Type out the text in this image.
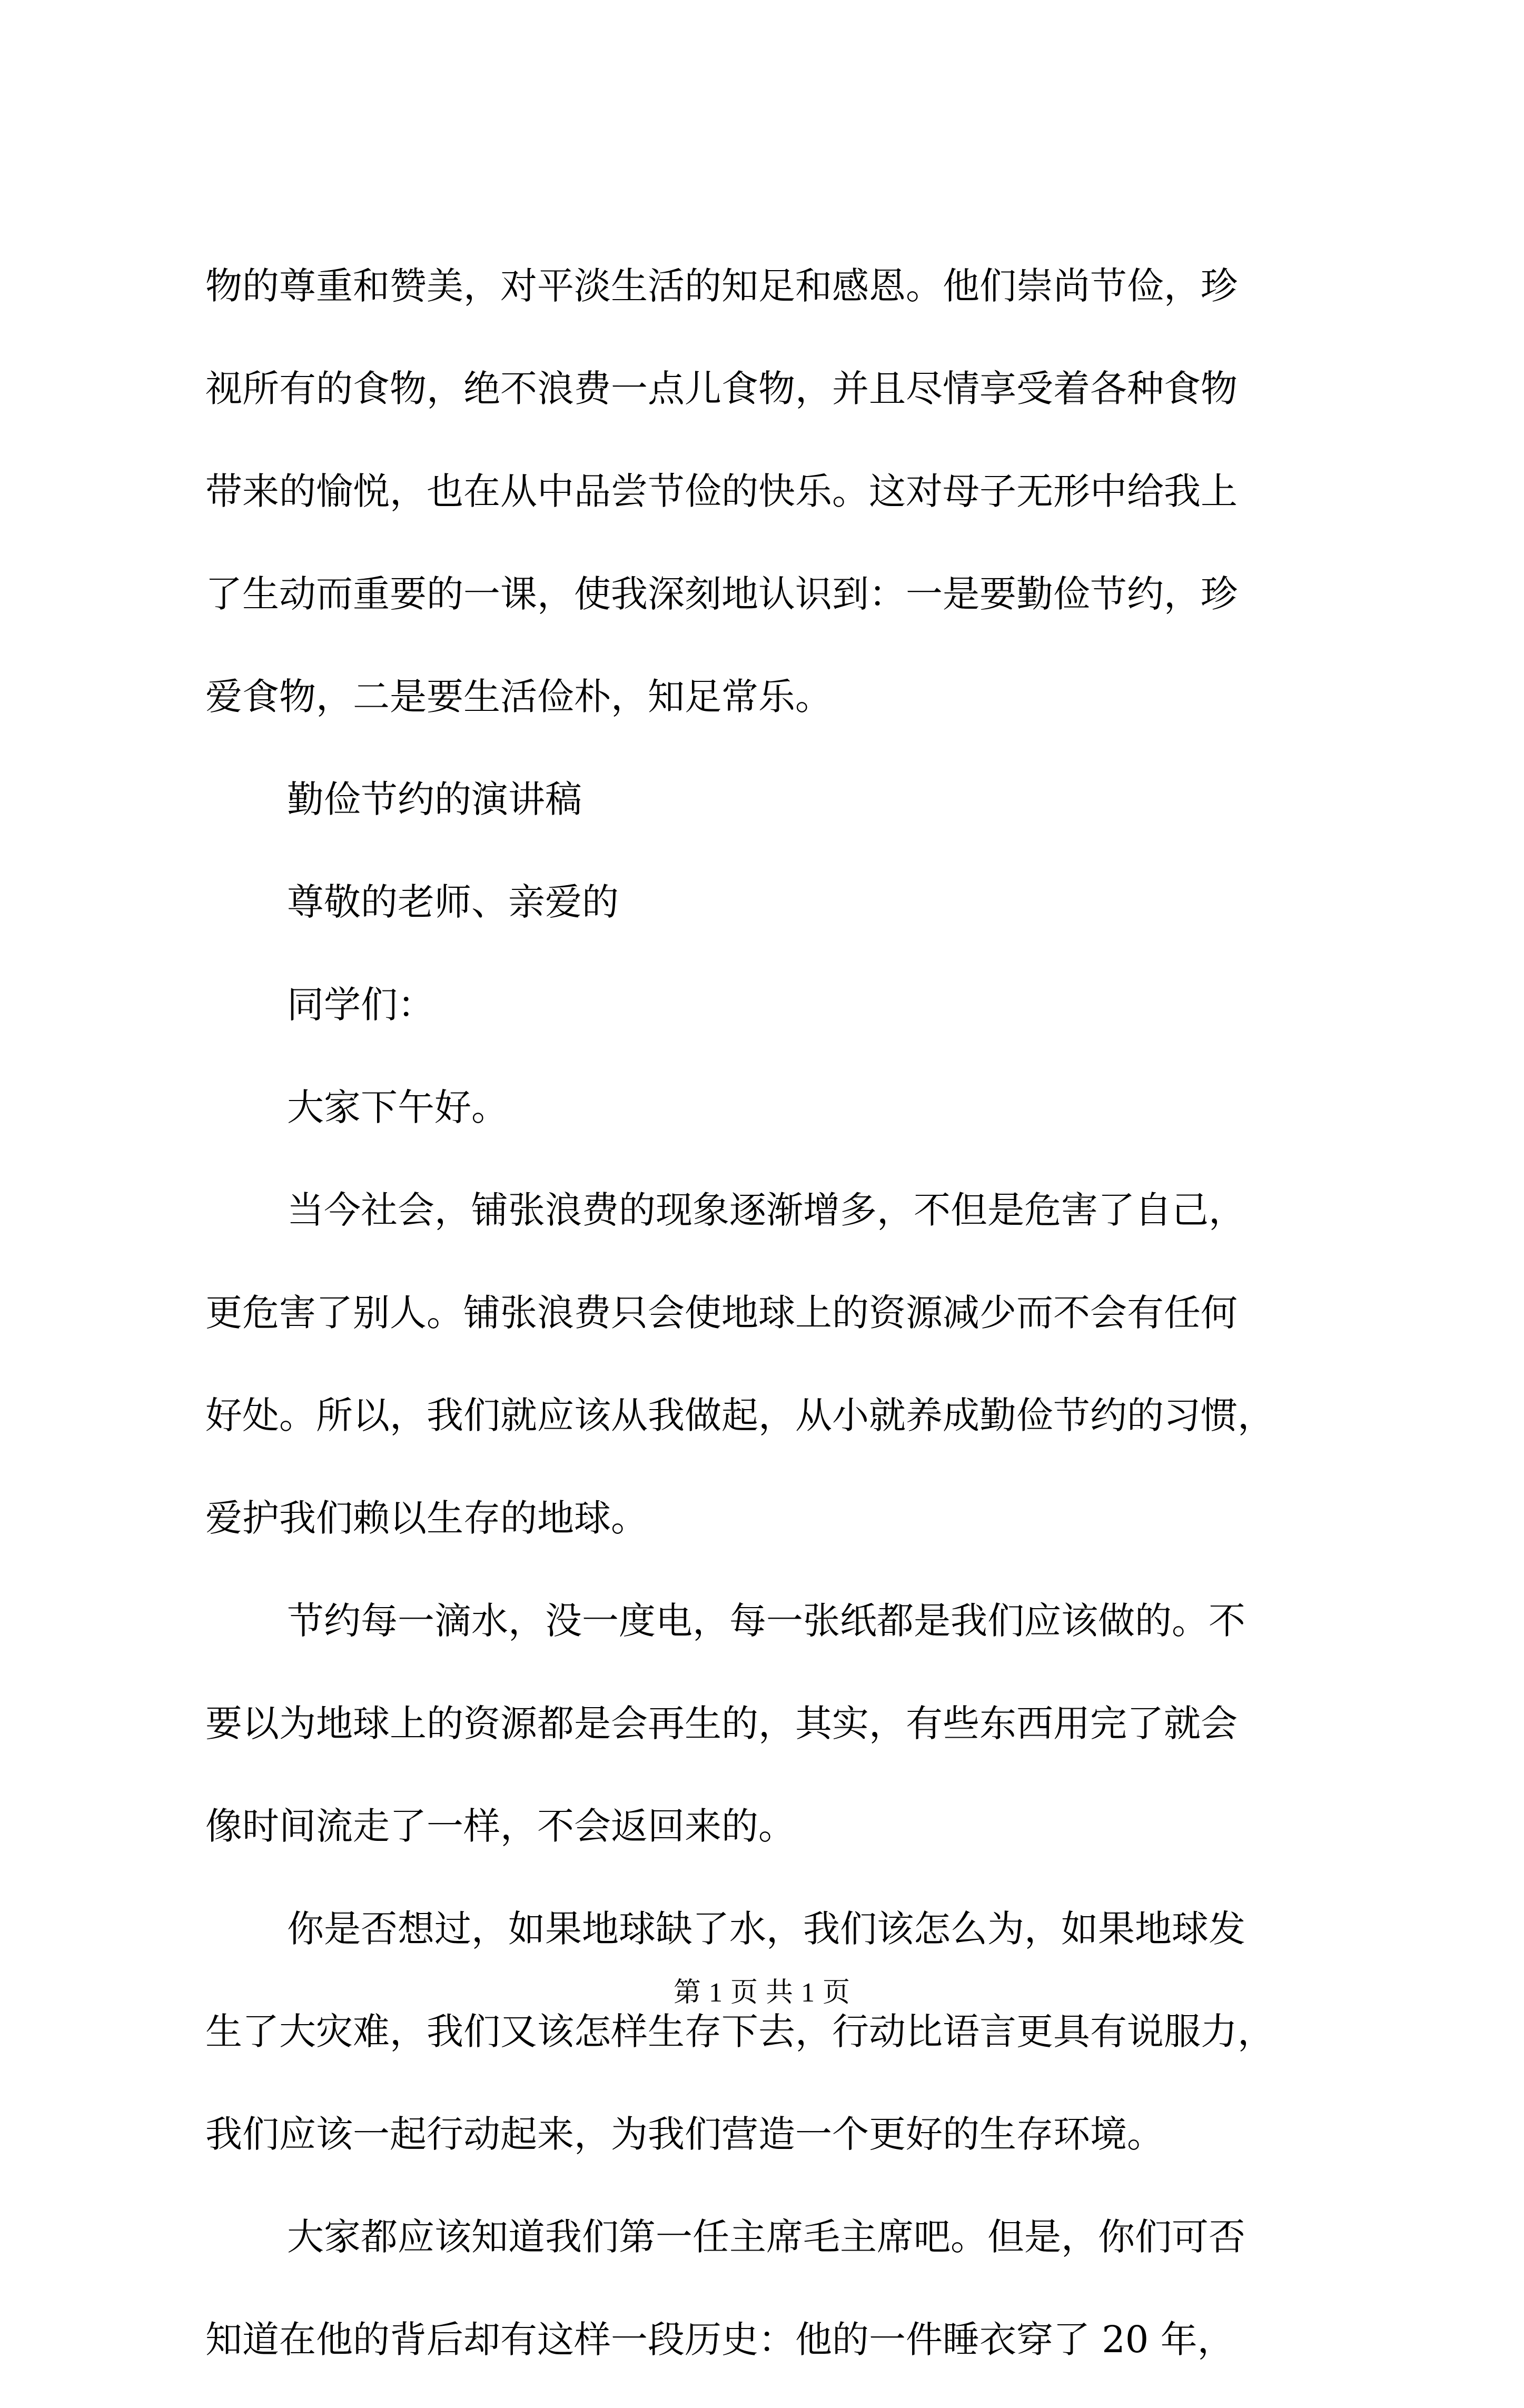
物的尊重和赞美，对平淡生活的知足和感恩。他们崇尚节俭，珍
视所有的食物，绝不浪费一点儿食物，并且尽情享受着各种食物
带来的愉悦，也在从中品尝节俭的快乐。这对母子无形中给我上
了生动而重要的一课，使我深刻地认识到：一是要勤俭节约，珍
爱食物，二是要生活俭朴，知足常乐。
勤俭节约的演讲稿
尊敬的老师、亲爱的
同学们：
大家下午好。
当今社会，铺张浪费的现象逐渐增多，不但是危害了自己，
更危害了别人。铺张浪费只会使地球上的资源减少而不会有任何
好处。所以，我们就应该从我做起，从小就养成勤俭节约的习惯，
爱护我们赖以生存的地球。
节约每一滴水，没一度电，每一张纸都是我们应该做的。不
要以为地球上的资源都是会再生的，其实，有些东西用完了就会
像时间流走了一样，不会返回来的。
你是否想过，如果地球缺了水，我们该怎么为，如果地球发
生了大灾难，我们又该怎样生存下去，行动比语言更具有说服力，
我们应该一起行动起来，为我们营造一个更好的生存环境。
大家都应该知道我们第一任主席毛主席吧。但是，你们可否
知道在他的背后却有这样一段历史：他的一件睡衣穿了 20 年，
第 1 页 共 1 页
